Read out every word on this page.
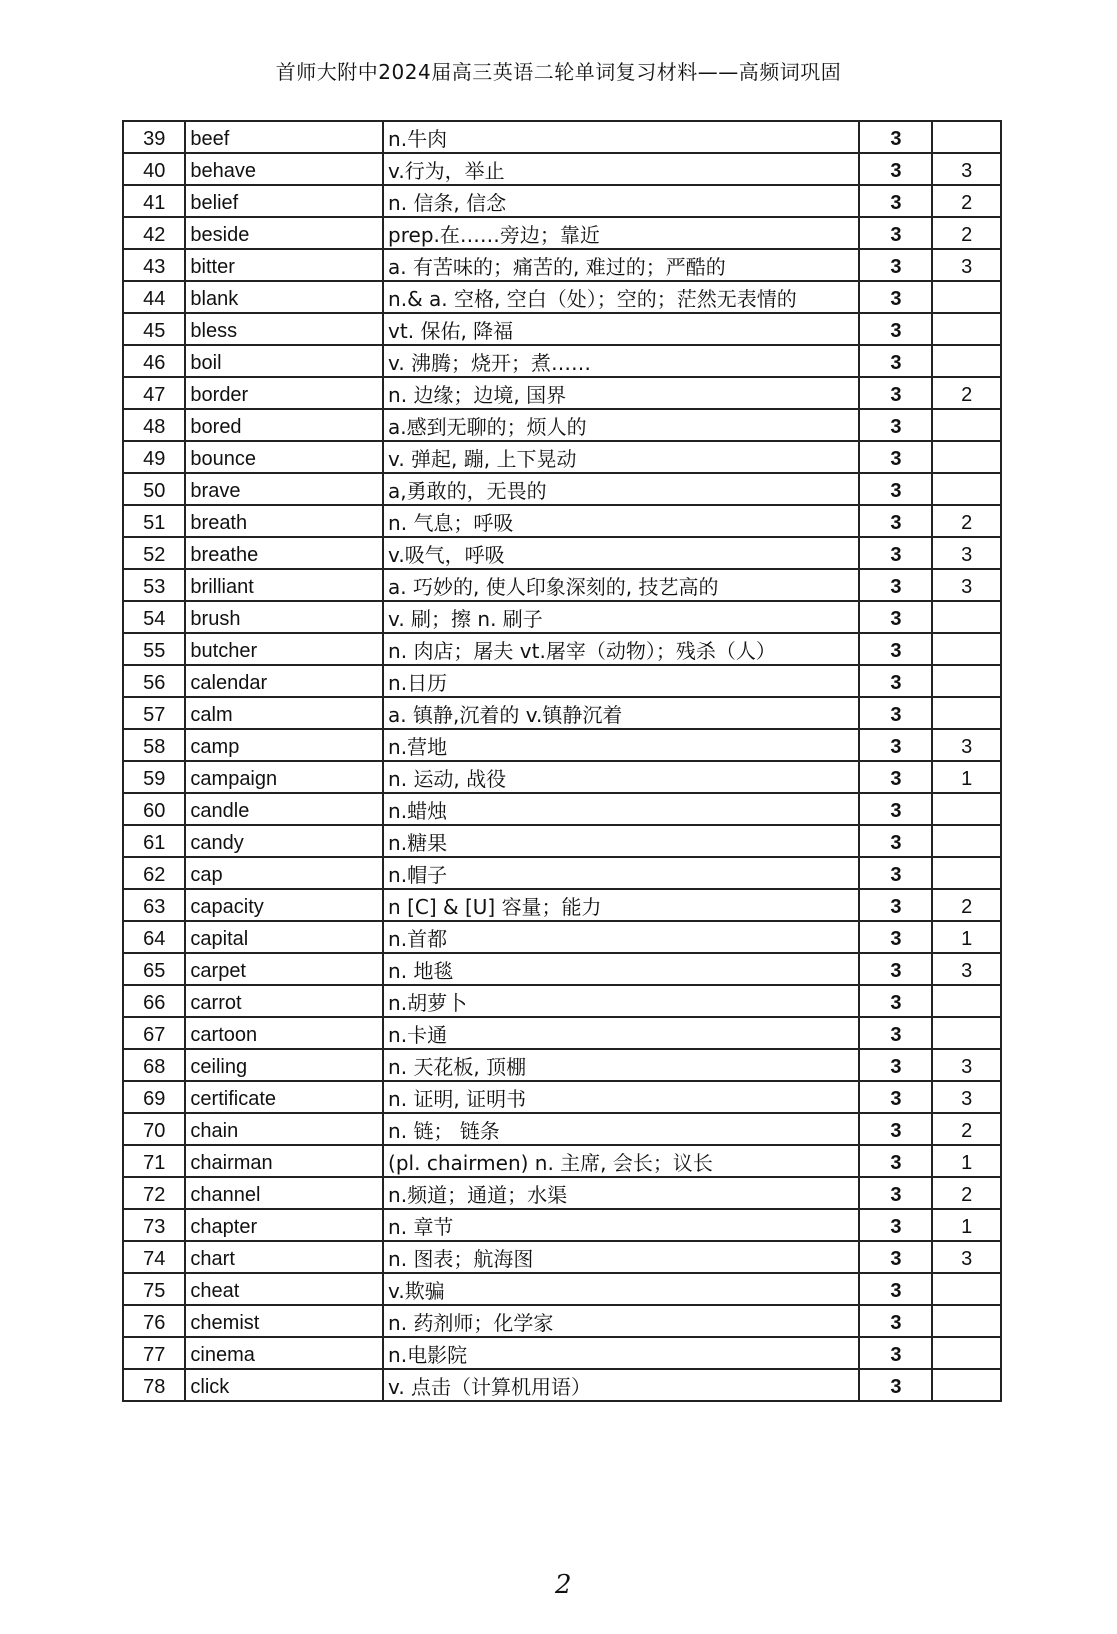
首师大附中2024届高三英语二轮单词复习材料——高频词巩固
39	beef	n.牛肉	3	
40	behave	v.行为，举止	3	3
41	belief	n. 信条, 信念	3	2
42	beside	prep.在……旁边；靠近	3	2
43	bitter	a. 有苦味的；痛苦的, 难过的；严酷的	3	3
44	blank	n.& a. 空格, 空白（处）；空的；茫然无表情的	3	
45	bless	vt. 保佑, 降福	3	
46	boil	v. 沸腾；烧开；煮……	3	
47	border	n. 边缘；边境, 国界	3	2
48	bored	a.感到无聊的；烦人的	3	
49	bounce	v. 弹起, 蹦, 上下晃动	3	
50	brave	a,勇敢的，无畏的	3	
51	breath	n. 气息；呼吸	3	2
52	breathe	v.吸气，呼吸	3	3
53	brilliant	a. 巧妙的, 使人印象深刻的, 技艺高的	3	3
54	brush	v. 刷；擦 n. 刷子	3	
55	butcher	n. 肉店；屠夫 vt.屠宰（动物）；残杀（人）	3	
56	calendar	n.日历	3	
57	calm	a. 镇静,沉着的 v.镇静沉着	3	
58	camp	n.营地	3	3
59	campaign	n. 运动, 战役	3	1
60	candle	n.蜡烛	3	
61	candy	n.糖果	3	
62	cap	n.帽子	3	
63	capacity	n [C] & [U] 容量；能力	3	2
64	capital	n.首都	3	1
65	carpet	n. 地毯	3	3
66	carrot	n.胡萝卜	3	
67	cartoon	n.卡通	3	
68	ceiling	n. 天花板, 顶棚	3	3
69	certificate	n. 证明, 证明书	3	3
70	chain	n. 链； 链条	3	2
71	chairman	(pl. chairmen) n. 主席, 会长；议长	3	1
72	channel	n.频道；通道；水渠	3	2
73	chapter	n. 章节	3	1
74	chart	n. 图表；航海图	3	3
75	cheat	v.欺骗	3	
76	chemist	n. 药剂师；化学家	3	
77	cinema	n.电影院	3	
78	click	v. 点击（计算机用语）	3	
2
